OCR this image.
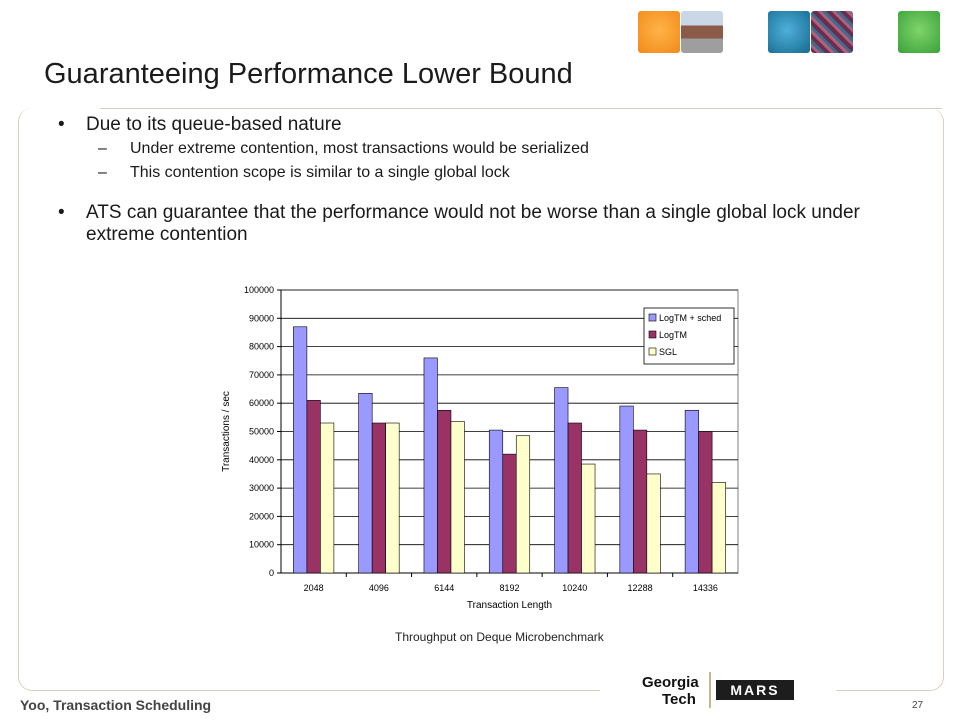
Guaranteeing Performance Lower Bound
• Due to its queue-based nature
– Under extreme contention, most transactions would be serialized
– This contention scope is similar to a single global lock
• ATS can guarantee that the performance would not be worse than a single global lock under extreme contention
0
10000
20000
30000
40000
50000
60000
70000
80000
90000
100000
2048	4096	6144	8192	10240	12288	14336
Transaction Length
Transactions / sec
LogTM + sched
LogTM
SGL
Throughput on Deque Microbenchmark
Georgia
Tech
MARS
Yoo, Transaction Scheduling	27
